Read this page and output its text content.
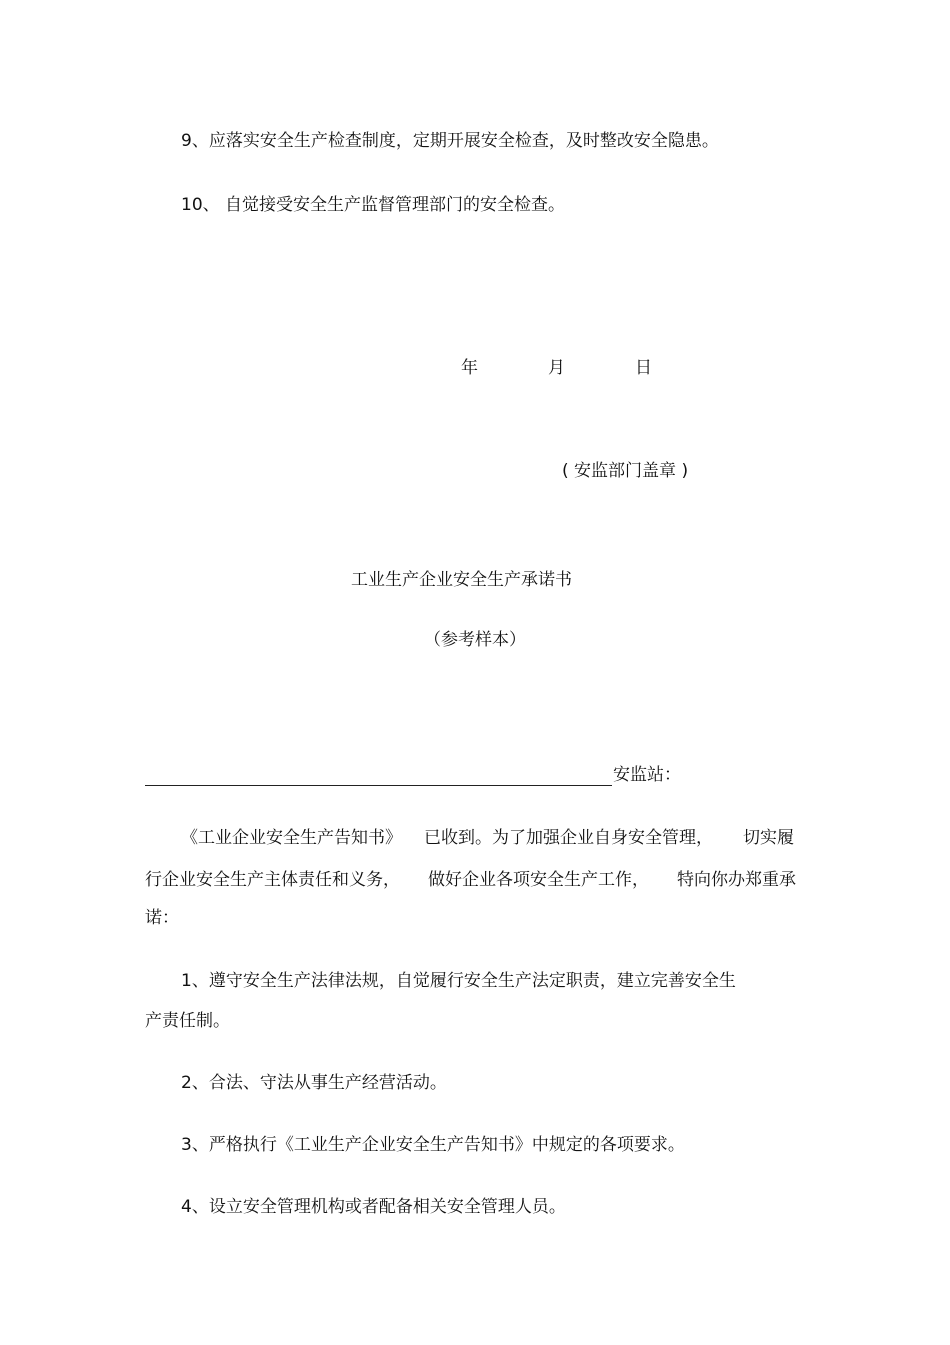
9、应落实安全生产检查制度，定期开展安全检查，及时整改安全隐患。
10、 自觉接受安全生产监督管理部门的安全检查。
年	月	日
( 安监部门盖章 )
工业生产企业安全生产承诺书
（参考样本）
安监站：
《工业企业安全生产告知书》 已收到。为了加强企业自身安全管理， 切实履
行企业安全生产主体责任和义务， 做好企业各项安全生产工作， 特向你办郑重承
诺：
1、遵守安全生产法律法规，自觉履行安全生产法定职责，建立完善安全生
产责任制。
2、合法、守法从事生产经营活动。
3、严格执行《工业生产企业安全生产告知书》中规定的各项要求。
4、设立安全管理机构或者配备相关安全管理人员。
